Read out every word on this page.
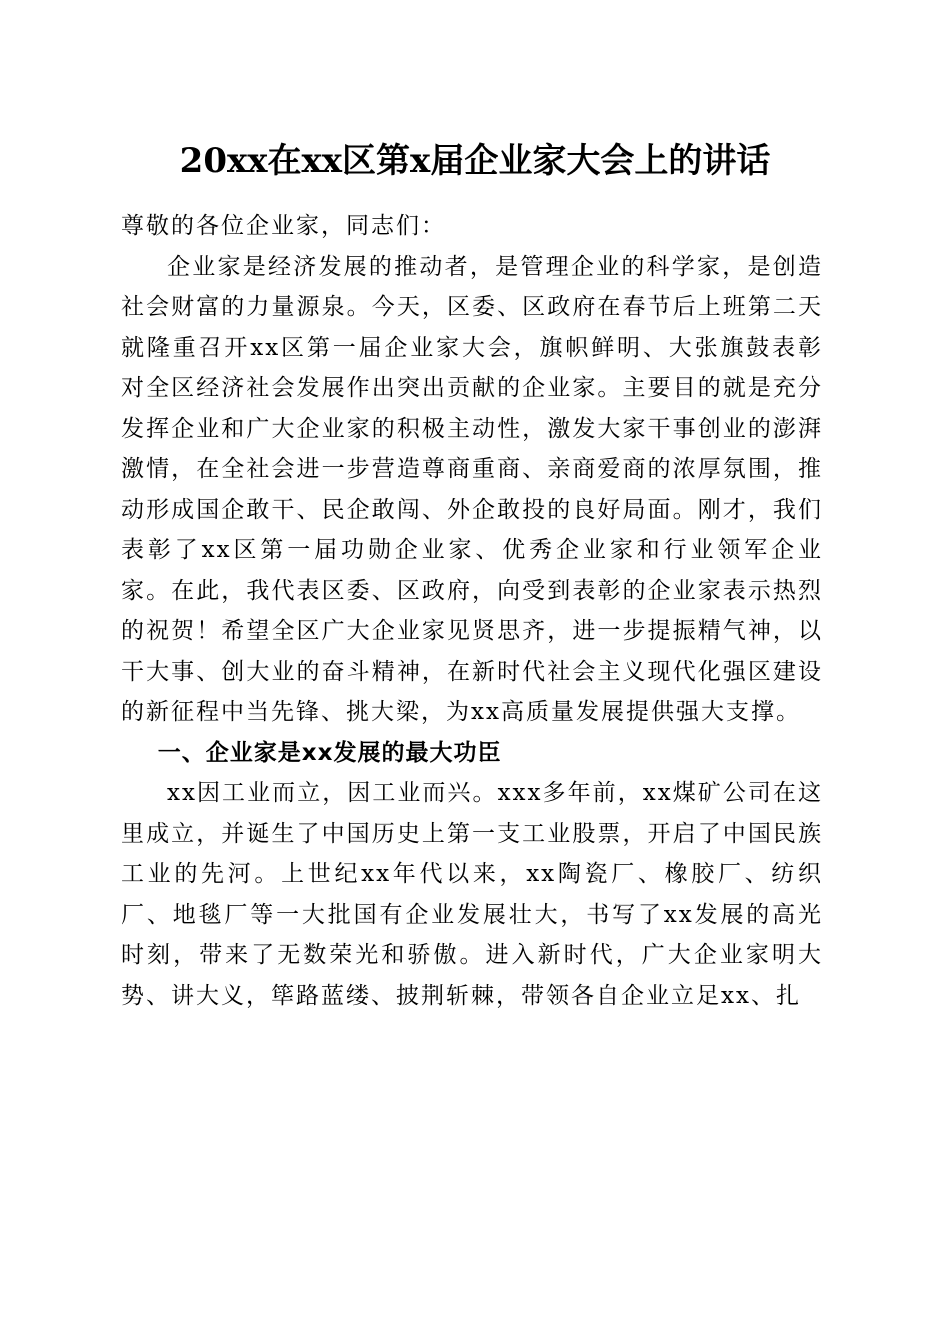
20xx在xx区第x届企业家大会上的讲话

尊敬的各位企业家，同志们：

企业家是经济发展的推动者，是管理企业的科学家，是创造社会财富的力量源泉。今天，区委、区政府在春节后上班第二天就隆重召开xx区第一届企业家大会，旗帜鲜明、大张旗鼓表彰对全区经济社会发展作出突出贡献的企业家。主要目的就是充分发挥企业和广大企业家的积极主动性，激发大家干事创业的澎湃激情，在全社会进一步营造尊商重商、亲商爱商的浓厚氛围，推动形成国企敢干、民企敢闯、外企敢投的良好局面。刚才，我们表彰了xx区第一届功勋企业家、优秀企业家和行业领军企业家。在此，我代表区委、区政府，向受到表彰的企业家表示热烈的祝贺！希望全区广大企业家见贤思齐，进一步提振精气神，以干大事、创大业的奋斗精神，在新时代社会主义现代化强区建设的新征程中当先锋、挑大梁，为xx高质量发展提供强大支撑。

一、企业家是xx发展的最大功臣

xx因工业而立，因工业而兴。xxx多年前，xx煤矿公司在这里成立，并诞生了中国历史上第一支工业股票，开启了中国民族工业的先河。上世纪xx年代以来，xx陶瓷厂、橡胶厂、纺织厂、地毯厂等一大批国有企业发展壮大，书写了xx发展的高光时刻，带来了无数荣光和骄傲。进入新时代，广大企业家明大势、讲大义，筚路蓝缕、披荆斩棘，带领各自企业立足xx、扎
